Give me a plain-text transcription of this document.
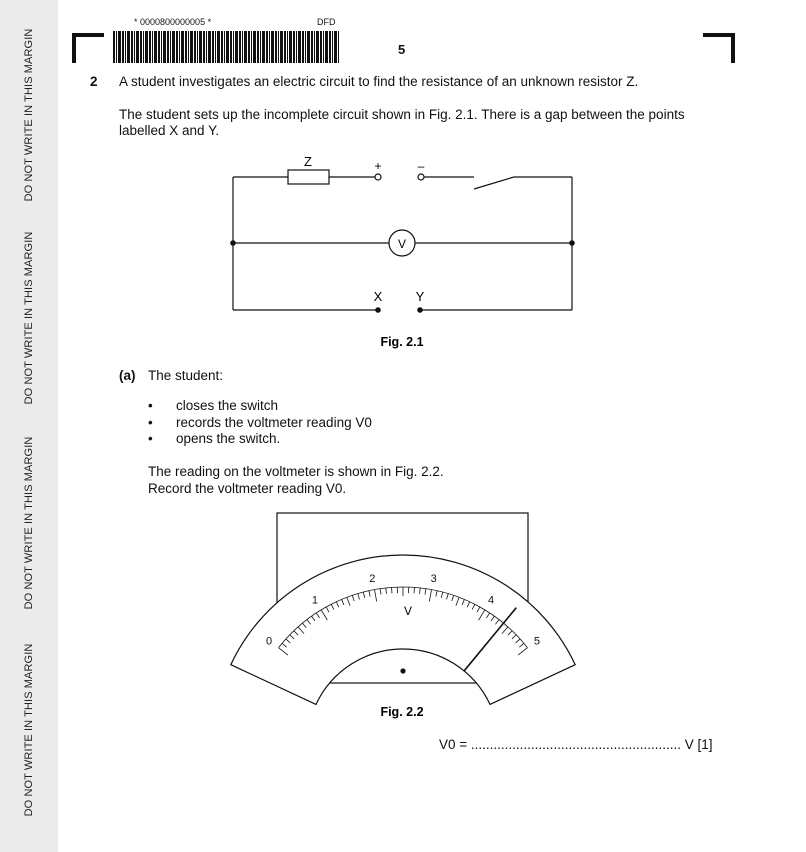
DO NOT WRITE IN THIS MARGIN
DO NOT WRITE IN THIS MARGIN
DO NOT WRITE IN THIS MARGIN
DO NOT WRITE IN THIS MARGIN
* 0000800000005 *	DFD
5
2 A student investigates an electric circuit to find the resistance of an unknown resistor Z.
The student sets up the incomplete circuit shown in Fig. 2.1. There is a gap between the points
labelled X and Y.
Z	+	–
V
X	Y
Fig. 2.1
(a) The student:
• closes the switch
• records the voltmeter reading V0
• opens the switch.
The reading on the voltmeter is shown in Fig. 2.2.
Record the voltmeter reading V0.
0
1
2	3
4
5
V
Fig. 2.2
V0 = ........................................................ V [1]
